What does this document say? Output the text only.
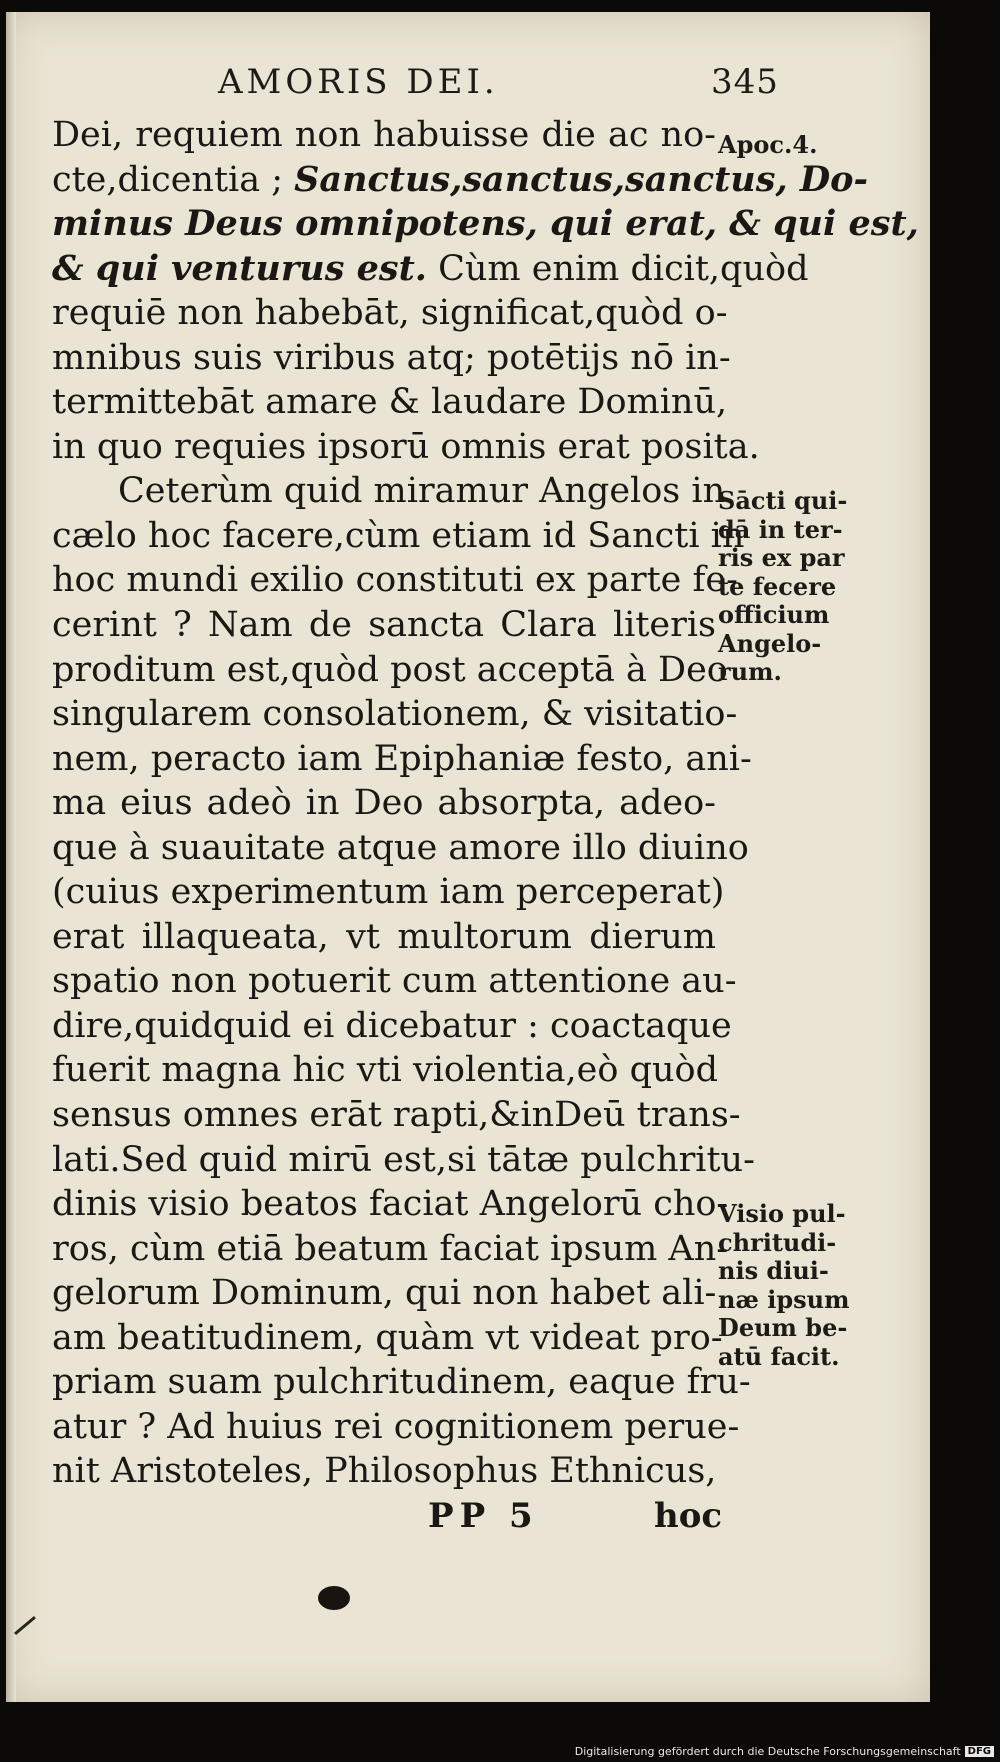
AMORIS DEI.	345
Dei, requiem non habuisse die ac no-
cte,dicentia ; Sanctus,sanctus,sanctus, Do-
minus Deus omnipotens, qui erat, & qui est,
& qui venturus est. Cùm enim dicit,quòd
requiē non habebāt, significat,quòd o-
mnibus suis viribus atq; potētijs nō in-
termittebāt amare & laudare Dominū,
in quo requies ipsorū omnis erat posita.
Ceterùm quid miramur Angelos in
cælo hoc facere,cùm etiam id Sancti in
hoc mundi exilio constituti ex parte fe-
cerint ? Nam de sancta Clara literis
proditum est,quòd post acceptā à Deo
singularem consolationem, & visitatio-
nem, peracto iam Epiphaniæ festo, ani-
ma eius adeò in Deo absorpta, adeo-
que à suauitate atque amore illo diuino
(cuius experimentum iam perceperat)
erat illaqueata, vt multorum dierum
spatio non potuerit cum attentione au-
dire,quidquid ei dicebatur : coactaque
fuerit magna hic vti violentia,eò quòd
sensus omnes erāt rapti,&inDeū trans-
lati.Sed quid mirū est,si tātæ pulchritu-
dinis visio beatos faciat Angelorū cho-
ros, cùm etiā beatum faciat ipsum An-
gelorum Dominum, qui non habet ali-
am beatitudinem, quàm vt videat pro-
priam suam pulchritudinem, eaque fru-
atur ? Ad huius rei cognitionem perue-
nit Aristoteles, Philosophus Ethnicus,
Apoc.4.
Sācti qui-
dā in ter-
ris ex par
te fecere
officium
Angelo-
rum.
Visio pul-
chritudi-
nis diui-
næ ipsum
Deum be-
atū facit.
PP 5	hoc
Digitalisierung gefördert durch die Deutsche Forschungsgemeinschaft DFG
